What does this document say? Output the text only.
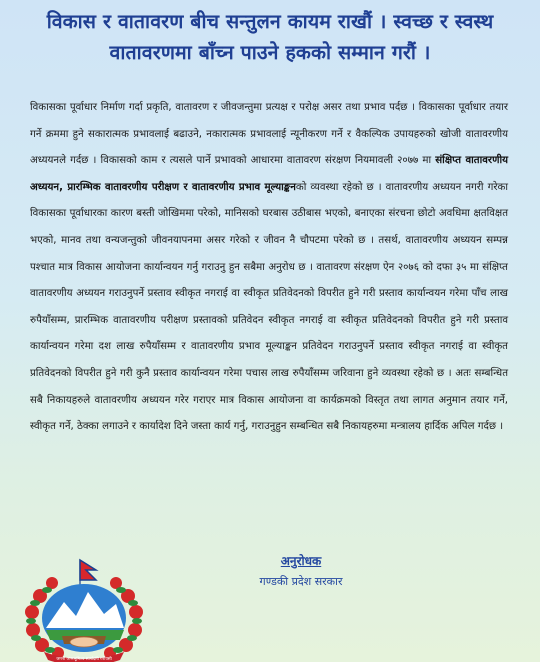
विकास र वातावरण बीच सन्तुलन कायम राखौं । स्वच्छ र स्वस्थ
वातावरणमा बाँच्न पाउने हकको सम्मान गरौं ।

विकासका पूर्वाधार निर्माण गर्दा प्रकृति, वातावरण र जीवजन्तुमा प्रत्यक्ष र परोक्ष असर तथा प्रभाव पर्दछ । विकासका पूर्वाधार तयार गर्ने क्रममा हुने सकारात्मक प्रभावलाई बढाउने, नकारात्मक प्रभावलाई न्यूनीकरण गर्ने र वैकल्पिक उपायहरुको खोजी वातावरणीय अध्ययनले गर्दछ । विकासको काम र त्यसले पार्ने प्रभावको आधारमा वातावरण संरक्षण नियमावली २०७७ मा संक्षिप्त वातावरणीय अध्ययन, प्रारम्भिक वातावरणीय परीक्षण र वातावरणीय प्रभाव मूल्याङ्कनको व्यवस्था रहेको छ । वातावरणीय अध्ययन नगरी गरेका विकासका पूर्वाधारका कारण बस्ती जोखिममा परेको, मानिसको घरबास उठीबास भएको, बनाएका संरचना छोटो अवधिमा क्षतविक्षत भएको, मानव तथा वन्यजन्तुको जीवनयापनमा असर गरेको र जीवन नै चौपटमा परेको छ । तसर्थ, वातावरणीय अध्ययन सम्पन्न पश्चात मात्र विकास आयोजना कार्यान्वयन गर्नु गराउनु हुन सबैमा अनुरोध छ । वातावरण संरक्षण ऐन २०७६ को दफा ३५ मा संक्षिप्त वातावरणीय अध्ययन गराउनुपर्ने प्रस्ताव स्वीकृत नगराई वा स्वीकृत प्रतिवेदनको विपरीत हुने गरी प्रस्ताव कार्यान्वयन गरेमा पाँच लाख रुपैयाँसम्म, प्रारम्भिक वातावरणीय परीक्षण प्रस्तावको प्रतिवेदन स्वीकृत नगराई वा स्वीकृत प्रतिवेदनको विपरीत हुने गरी प्रस्ताव कार्यान्वयन गरेमा दश लाख रुपैयाँसम्म र वातावरणीय प्रभाव मूल्याङ्कन प्रतिवेदन गराउनुपर्ने प्रस्ताव स्वीकृत नगराई वा स्वीकृत प्रतिवेदनको विपरीत हुने गरी कुनै प्रस्ताव कार्यान्वयन गरेमा पचास लाख रुपैयाँसम्म जरिवाना हुने व्यवस्था रहेको छ । अतः सम्बन्धित सबै निकायहरुले वातावरणीय अध्ययन गरेर गराएर मात्र विकास आयोजना वा कार्यक्रमको विस्तृत तथा लागत अनुमान तयार गर्ने, स्वीकृत गर्ने, ठेक्का लगाउने र कार्यादेश दिने जस्ता कार्य गर्नु, गराउनुहुन सम्बन्धित सबै निकायहरुमा मन्त्रालय हार्दिक अपिल गर्दछ ।

जननी जन्मभूमिश्च स्वर्गादपि गरीयसी
अनुरोधक
गण्डकी प्रदेश सरकार
